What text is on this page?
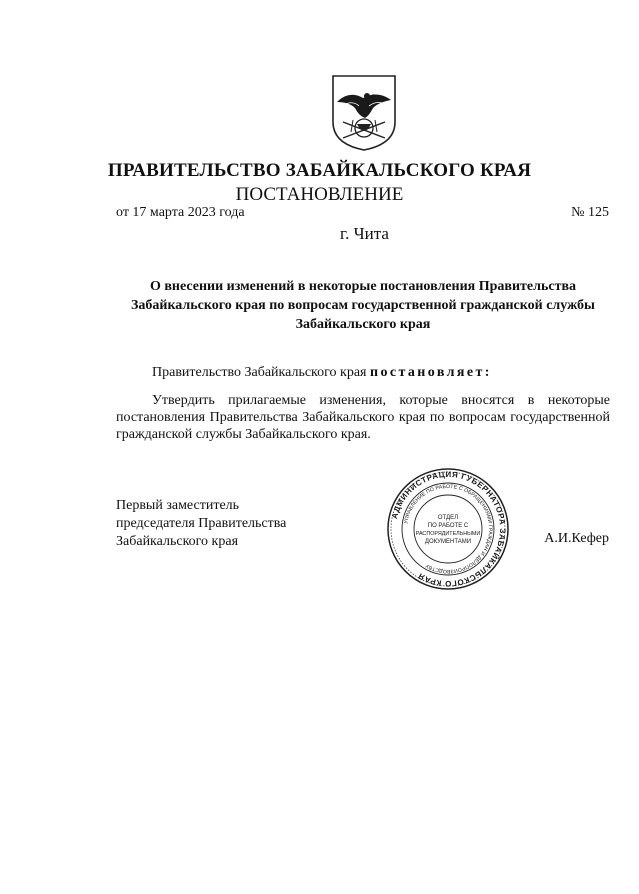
ПРАВИТЕЛЬСТВО ЗАБАЙКАЛЬСКОГО КРАЯ
ПОСТАНОВЛЕНИЕ
от 17 марта 2023 года	№ 125
г. Чита
О внесении изменений в некоторые постановления Правительства Забайкальского края по вопросам государственной гражданской службы Забайкальского края
Правительство Забайкальского края постановляет:
Утвердить прилагаемые изменения, которые вносятся в некоторые постановления Правительства Забайкальского края по вопросам государственной гражданской службы Забайкальского края.
Первый заместитель
председателя Правительства
Забайкальского края	А.И.Кефер
АДМИНИСТРАЦИЯ ГУБЕРНАТОРА ЗАБАЙКАЛЬСКОГО КРАЯ
УПРАВЛЕНИЕ ПО РАБОТЕ С ОБРАЩЕНИЯМИ ГРАЖДАН И ДЕЛОПРОИЗВОДСТВУ
ОТДЕЛ
ПО РАБОТЕ С
РАСПОРЯДИТЕЛЬНЫМИ
ДОКУМЕНТАМИ
